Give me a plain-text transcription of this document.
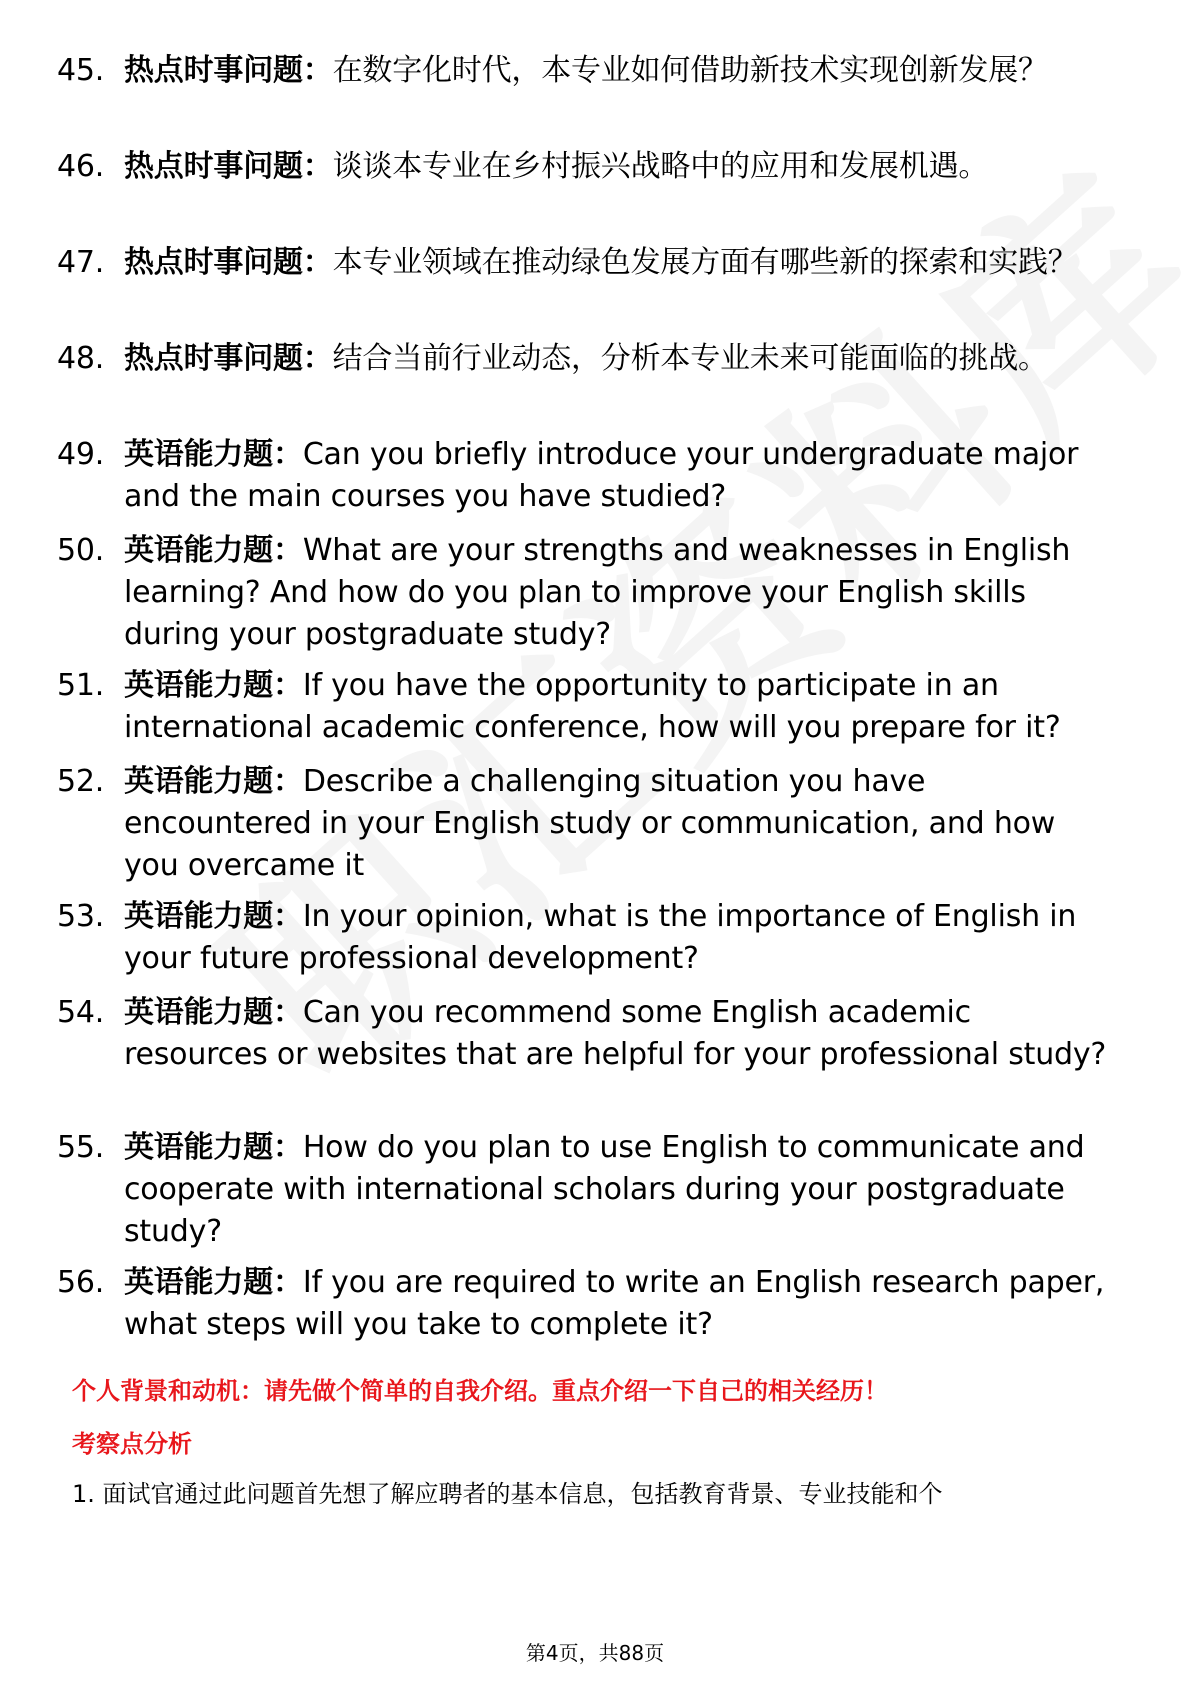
45. 热点时事问题：在数字化时代，本专业如何借助新技术实现创新发展？
46. 热点时事问题：谈谈本专业在乡村振兴战略中的应用和发展机遇。
47. 热点时事问题：本专业领域在推动绿色发展方面有哪些新的探索和实践？
48. 热点时事问题：结合当前行业动态，分析本专业未来可能面临的挑战。
49. 英语能力题：Can you briefly introduce your undergraduate major and the main courses you have studied?
50. 英语能力题：What are your strengths and weaknesses in English learning? And how do you plan to improve your English skills during your postgraduate study?
51. 英语能力题：If you have the opportunity to participate in an international academic conference, how will you prepare for it?
52. 英语能力题：Describe a challenging situation you have encountered in your English study or communication, and how you overcame it
53. 英语能力题：In your opinion, what is the importance of English in your future professional development?
54. 英语能力题：Can you recommend some English academic resources or websites that are helpful for your professional study?
55. 英语能力题：How do you plan to use English to communicate and cooperate with international scholars during your postgraduate study?
56. 英语能力题：If you are required to write an English research paper, what steps will you take to complete it?
个人背景和动机：请先做个简单的自我介绍。重点介绍一下自己的相关经历！
考察点分析
1. 面试官通过此问题首先想了解应聘者的基本信息，包括教育背景、专业技能和个
第4页，共88页
